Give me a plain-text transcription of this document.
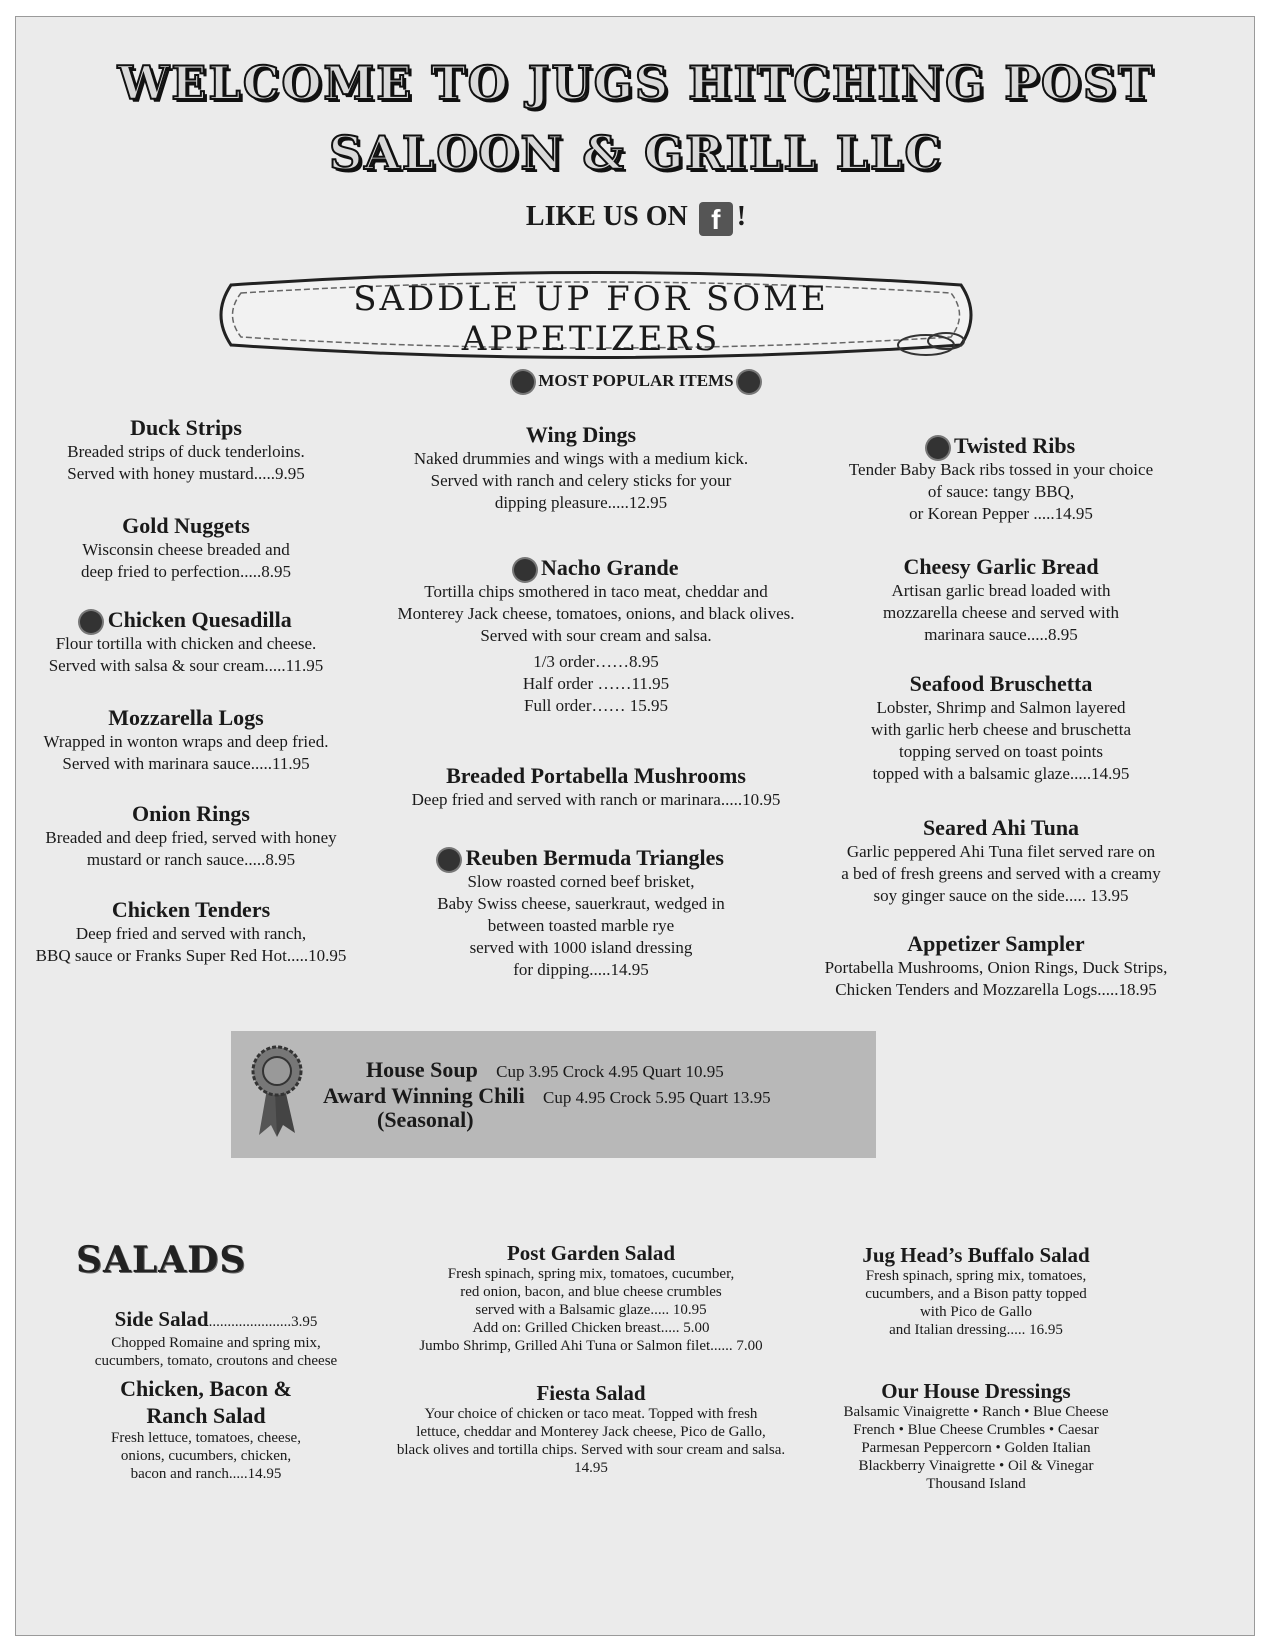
WELCOME TO JUGS HITCHING POST
SALOON & GRILL LLC
LIKE US ON f !
SADDLE UP FOR SOME APPETIZERS
MOST POPULAR ITEMS
Duck Strips
Breaded strips of duck tenderloins.
Served with honey mustard.....9.95
Gold Nuggets
Wisconsin cheese breaded and
deep fried to perfection.....8.95
Chicken Quesadilla
Flour tortilla with chicken and cheese.
Served with salsa & sour cream.....11.95
Mozzarella Logs
Wrapped in wonton wraps and deep fried.
Served with marinara sauce.....11.95
Onion Rings
Breaded and deep fried, served with honey
mustard or ranch sauce.....8.95
Chicken Tenders
Deep fried and served with ranch,
BBQ sauce or Franks Super Red Hot.....10.95
Wing Dings
Naked drummies and wings with a medium kick.
Served with ranch and celery sticks for your
dipping pleasure.....12.95
Nacho Grande
Tortilla chips smothered in taco meat, cheddar and
Monterey Jack cheese, tomatoes, onions, and black olives.
Served with sour cream and salsa.
1/3 order……8.95
Half order ……11.95
Full order…… 15.95
Breaded Portabella Mushrooms
Deep fried and served with ranch or marinara.....10.95
Reuben Bermuda Triangles
Slow roasted corned beef brisket,
Baby Swiss cheese, sauerkraut, wedged in
between toasted marble rye
served with 1000 island dressing
for dipping.....14.95
Twisted Ribs
Tender Baby Back ribs tossed in your choice
of sauce: tangy BBQ,
or Korean Pepper .....14.95
Cheesy Garlic Bread
Artisan garlic bread loaded with
mozzarella cheese and served with
marinara sauce.....8.95
Seafood Bruschetta
Lobster, Shrimp and Salmon layered
with garlic herb cheese and bruschetta
topping served on toast points
topped with a balsamic glaze.....14.95
Seared Ahi Tuna
Garlic peppered Ahi Tuna filet served rare on
a bed of fresh greens and served with a creamy
soy ginger sauce on the side..... 13.95
Appetizer Sampler
Portabella Mushrooms, Onion Rings, Duck Strips,
Chicken Tenders and Mozzarella Logs.....18.95
House Soup Cup 3.95 Crock 4.95 Quart 10.95
Award Winning Chili Cup 4.95 Crock 5.95 Quart 13.95
(Seasonal)
SALADS
Side Salad......................3.95
Chopped Romaine and spring mix,
cucumbers, tomato, croutons and cheese
Chicken, Bacon &
Ranch Salad
Fresh lettuce, tomatoes, cheese,
onions, cucumbers, chicken,
bacon and ranch.....14.95
Post Garden Salad
Fresh spinach, spring mix, tomatoes, cucumber,
red onion, bacon, and blue cheese crumbles
served with a Balsamic glaze..... 10.95
Add on: Grilled Chicken breast..... 5.00
Jumbo Shrimp, Grilled Ahi Tuna or Salmon filet...... 7.00
Fiesta Salad
Your choice of chicken or taco meat. Topped with fresh
lettuce, cheddar and Monterey Jack cheese, Pico de Gallo,
black olives and tortilla chips. Served with sour cream and salsa.
14.95
Jug Head’s Buffalo Salad
Fresh spinach, spring mix, tomatoes,
cucumbers, and a Bison patty topped
with Pico de Gallo
and Italian dressing..... 16.95
Our House Dressings
Balsamic Vinaigrette • Ranch • Blue Cheese
French • Blue Cheese Crumbles • Caesar
Parmesan Peppercorn • Golden Italian
Blackberry Vinaigrette • Oil & Vinegar
Thousand Island
